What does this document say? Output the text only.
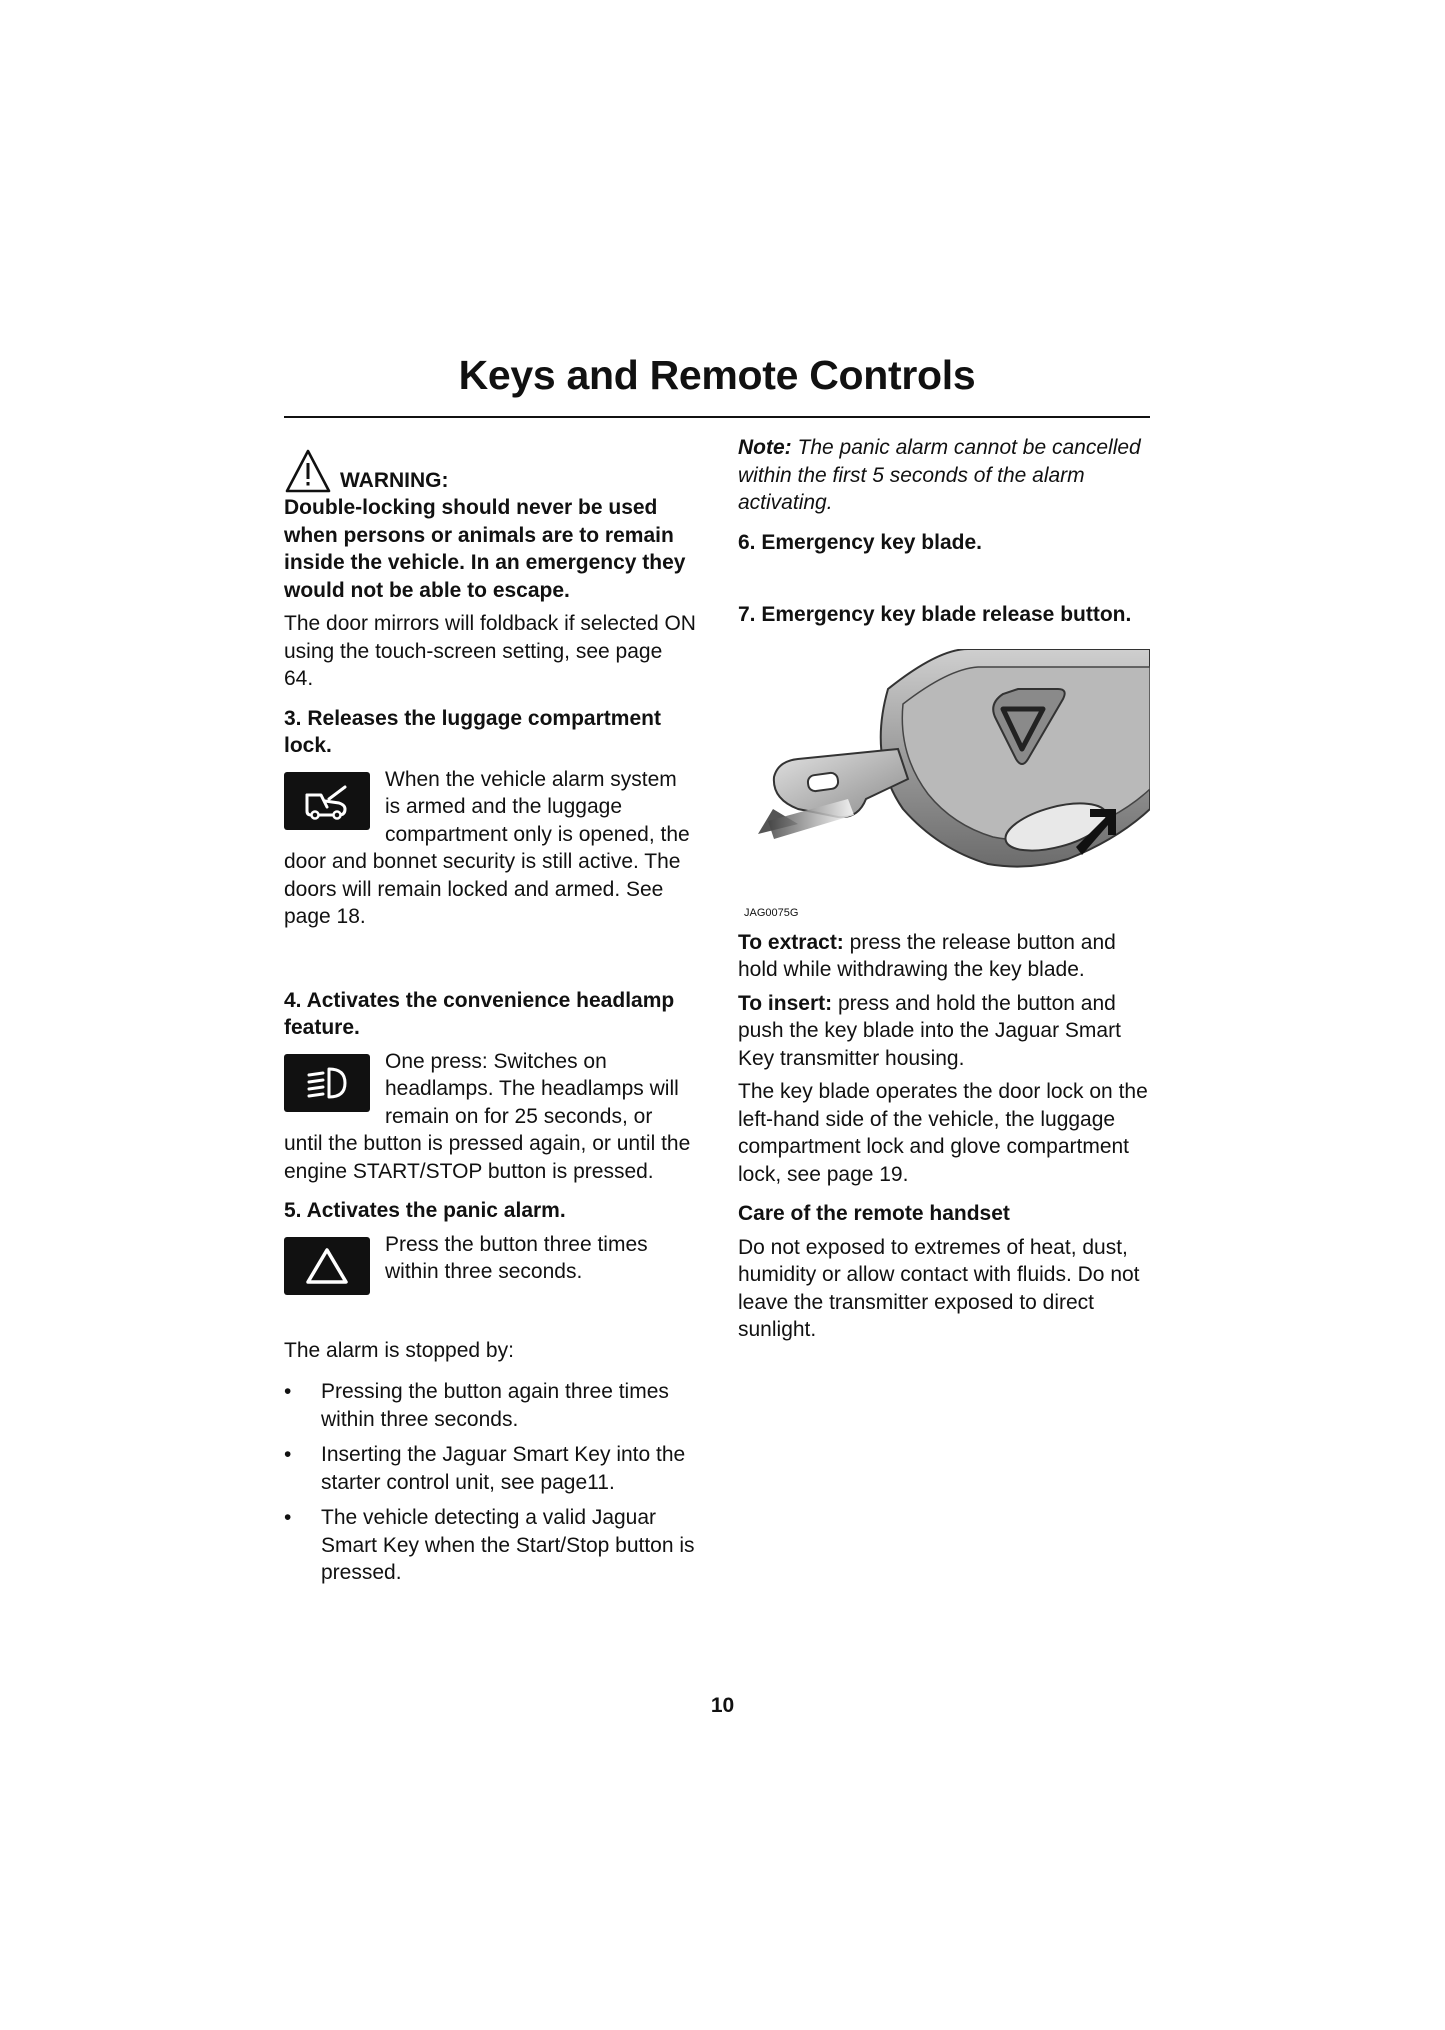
Keys and Remote Controls
WARNING:

Double-locking should never be used when persons or animals are to remain inside the vehicle. In an emergency they would not be able to escape.

The door mirrors will foldback if selected ON using the touch-screen setting, see page 64.

3. Releases the luggage compartment lock.

When the vehicle alarm system is armed and the luggage compartment only is opened, the door and bonnet security is still active. The doors will remain locked and armed. See page 18.

4. Activates the convenience headlamp feature.

One press: Switches on headlamps. The headlamps will remain on for 25 seconds, or until the button is pressed again, or until the engine START/STOP button is pressed.

5. Activates the panic alarm.

Press the button three times within three seconds.

The alarm is stopped by:

• Pressing the button again three times within three seconds.
• Inserting the Jaguar Smart Key into the starter control unit, see page11.
• The vehicle detecting a valid Jaguar Smart Key when the Start/Stop button is pressed.

Note: The panic alarm cannot be cancelled within the first 5 seconds of the alarm activating.

6. Emergency key blade.

7. Emergency key blade release button.

JAG0075G

To extract: press the release button and hold while withdrawing the key blade.

To insert: press and hold the button and push the key blade into the Jaguar Smart Key transmitter housing.

The key blade operates the door lock on the left-hand side of the vehicle, the luggage compartment lock and glove compartment lock, see page 19.

Care of the remote handset

Do not exposed to extremes of heat, dust, humidity or allow contact with fluids. Do not leave the transmitter exposed to direct sunlight.

10
